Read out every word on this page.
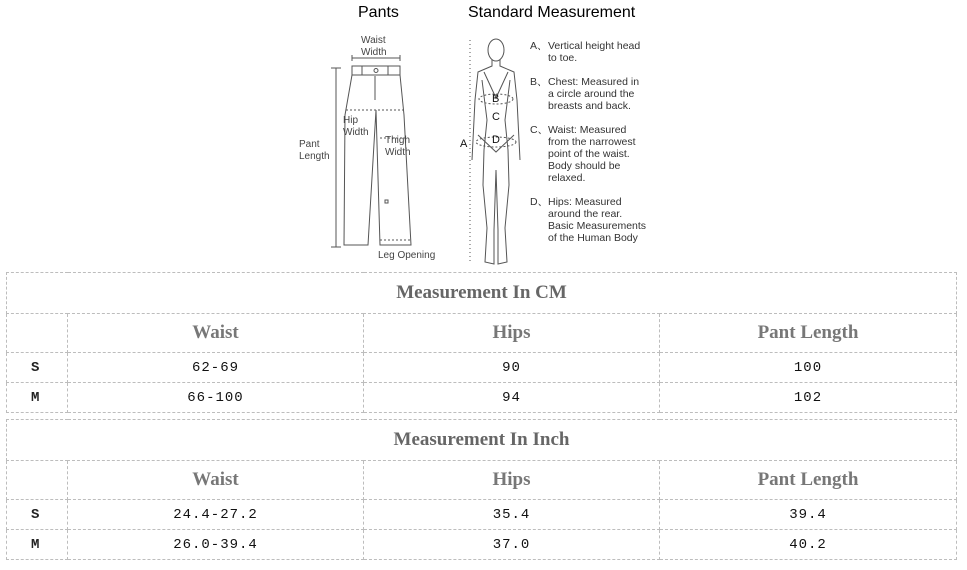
Pants	Standard Measurement
Waist
Width
Hip
Width
Thigh
Width
Pant
Length
Leg Opening
A
B
C
D
A、 Vertical height head
to toe.
B、 Chest: Measured in
a circle around the
breasts and back.
C、 Waist: Measured
from the narrowest
point of the waist.
Body should be
relaxed.
D、 Hips: Measured
around the rear.
Basic Measurements
of the Human Body
Measurement In CM			
	Waist	Hips	Pant Length
S	62-69	90	100
M	66-100	94	102
Measurement In Inch			
	Waist	Hips	Pant Length
S	24.4-27.2	35.4	39.4
M	26.0-39.4	37.0	40.2
